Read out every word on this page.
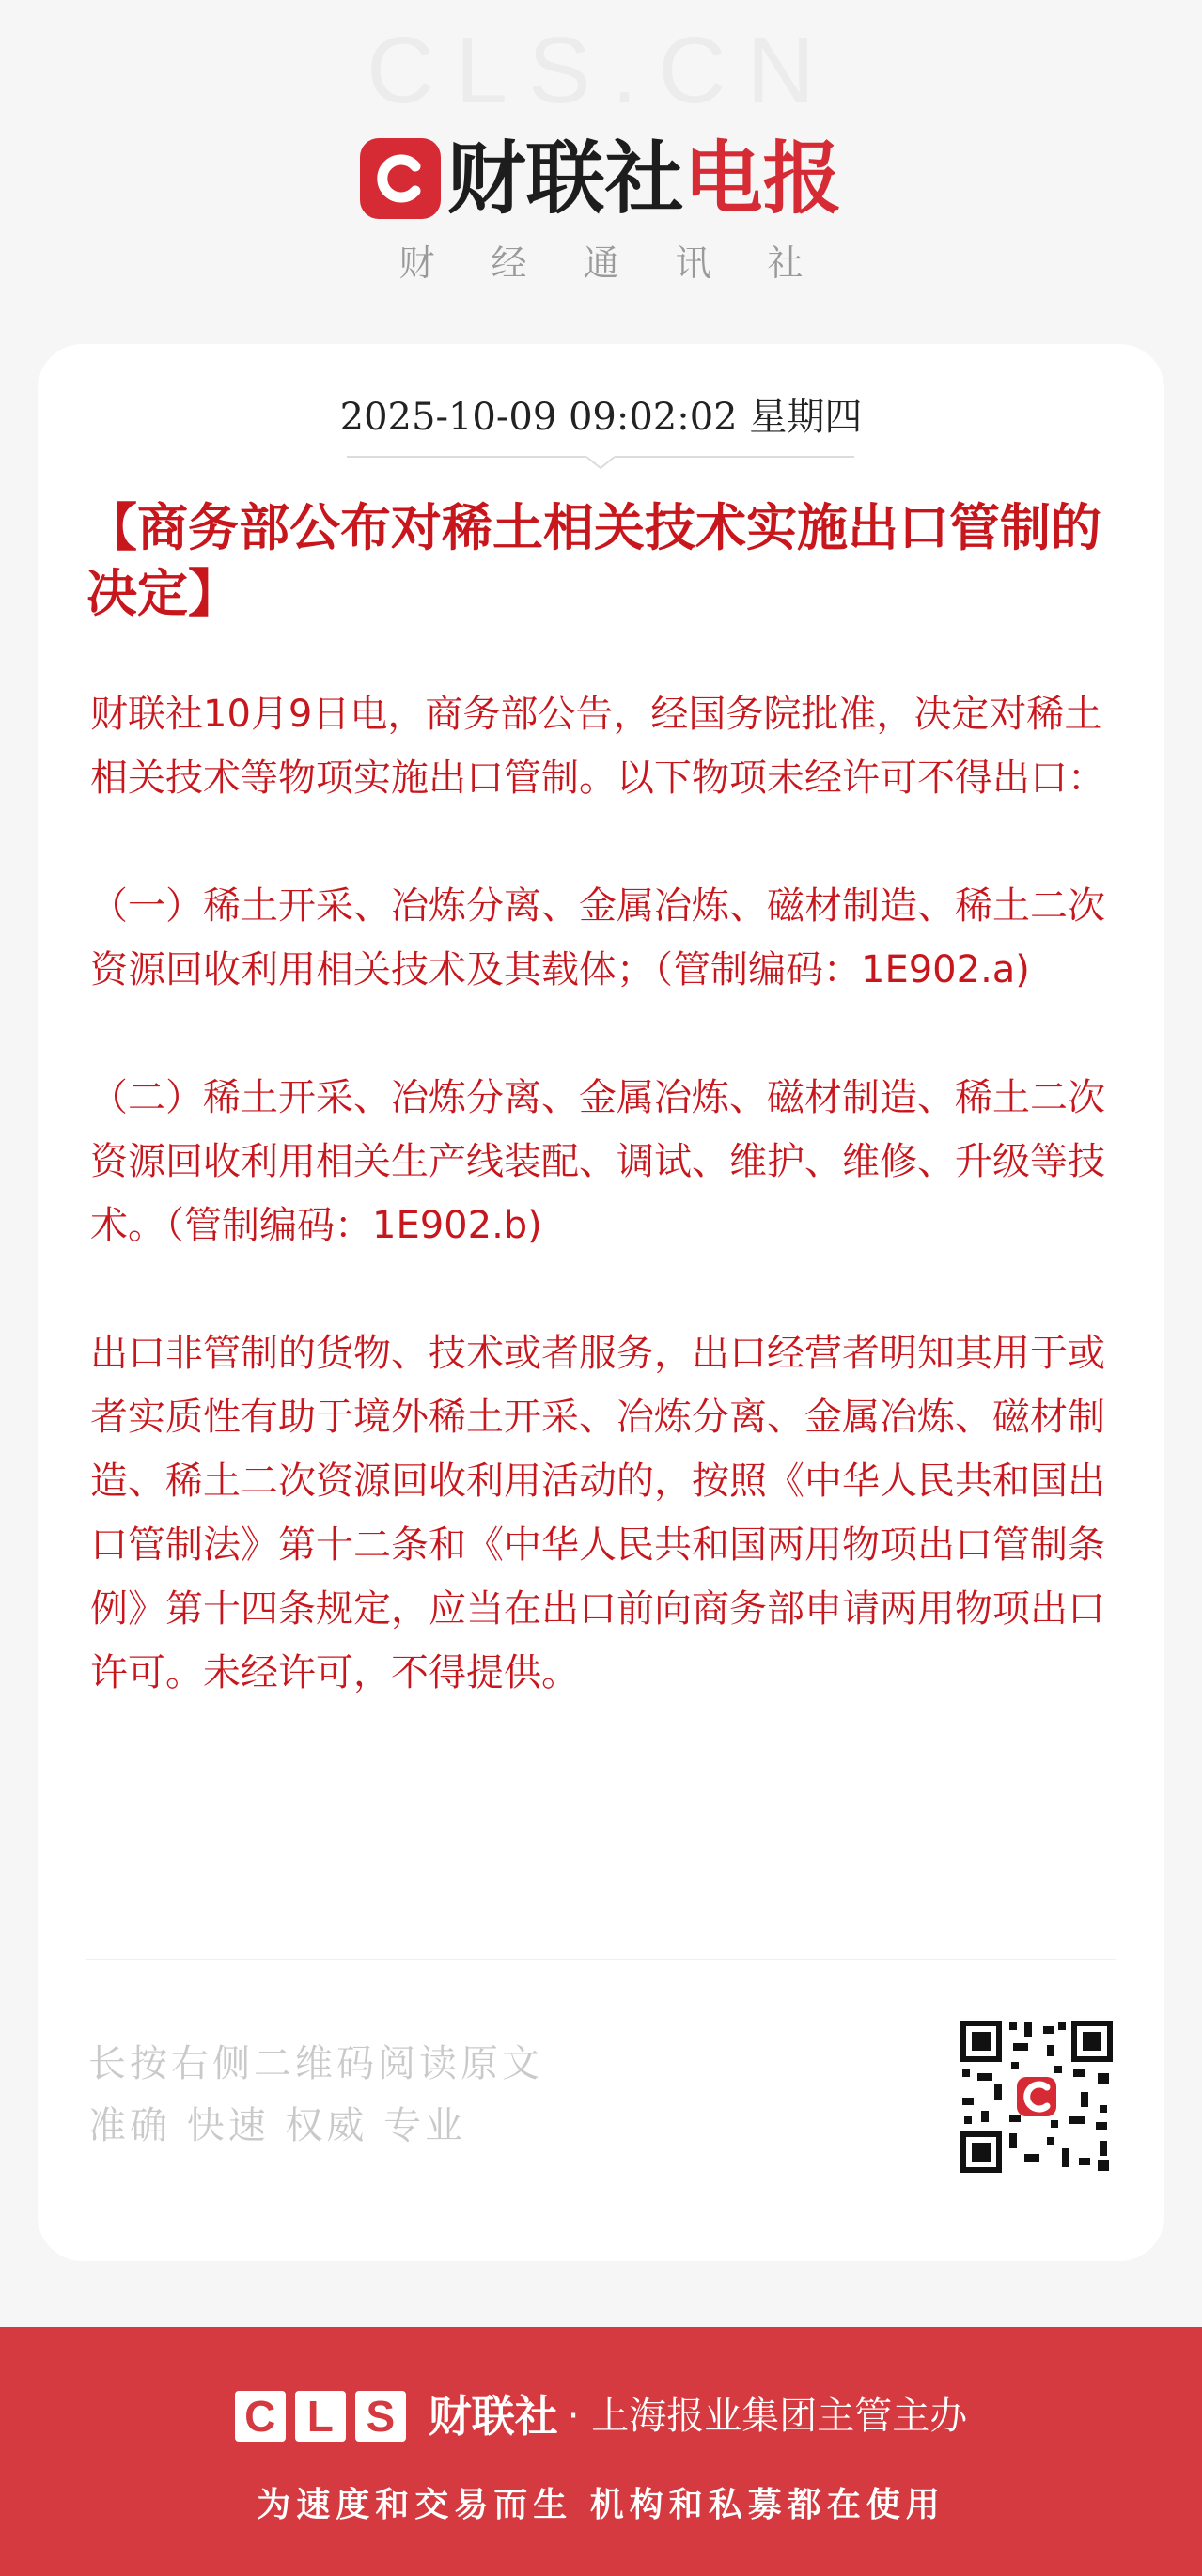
CLS.CN
财联社 电报
财经通讯社
2025-10-09 09:02:02 星期四
【商务部公布对稀土相关技术实施出口管制的决定】

财联社10月9日电，商务部公告，经国务院批准，决定对稀土相关技术等物项实施出口管制。以下物项未经许可不得出口：

（一）稀土开采、冶炼分离、金属冶炼、磁材制造、稀土二次资源回收利用相关技术及其载体；（管制编码：1E902.a)

（二）稀土开采、冶炼分离、金属冶炼、磁材制造、稀土二次资源回收利用相关生产线装配、调试、维护、维修、升级等技术。（管制编码：1E902.b)

出口非管制的货物、技术或者服务，出口经营者明知其用于或者实质性有助于境外稀土开采、冶炼分离、金属冶炼、磁材制造、稀土二次资源回收利用活动的，按照《中华人民共和国出口管制法》第十二条和《中华人民共和国两用物项出口管制条例》第十四条规定，应当在出口前向商务部申请两用物项出口许可。未经许可，不得提供。

长按右侧二维码阅读原文
准确 快速 权威 专业
C L S 财联社 · 上海报业集团主管主办
为速度和交易而生 机构和私募都在使用
